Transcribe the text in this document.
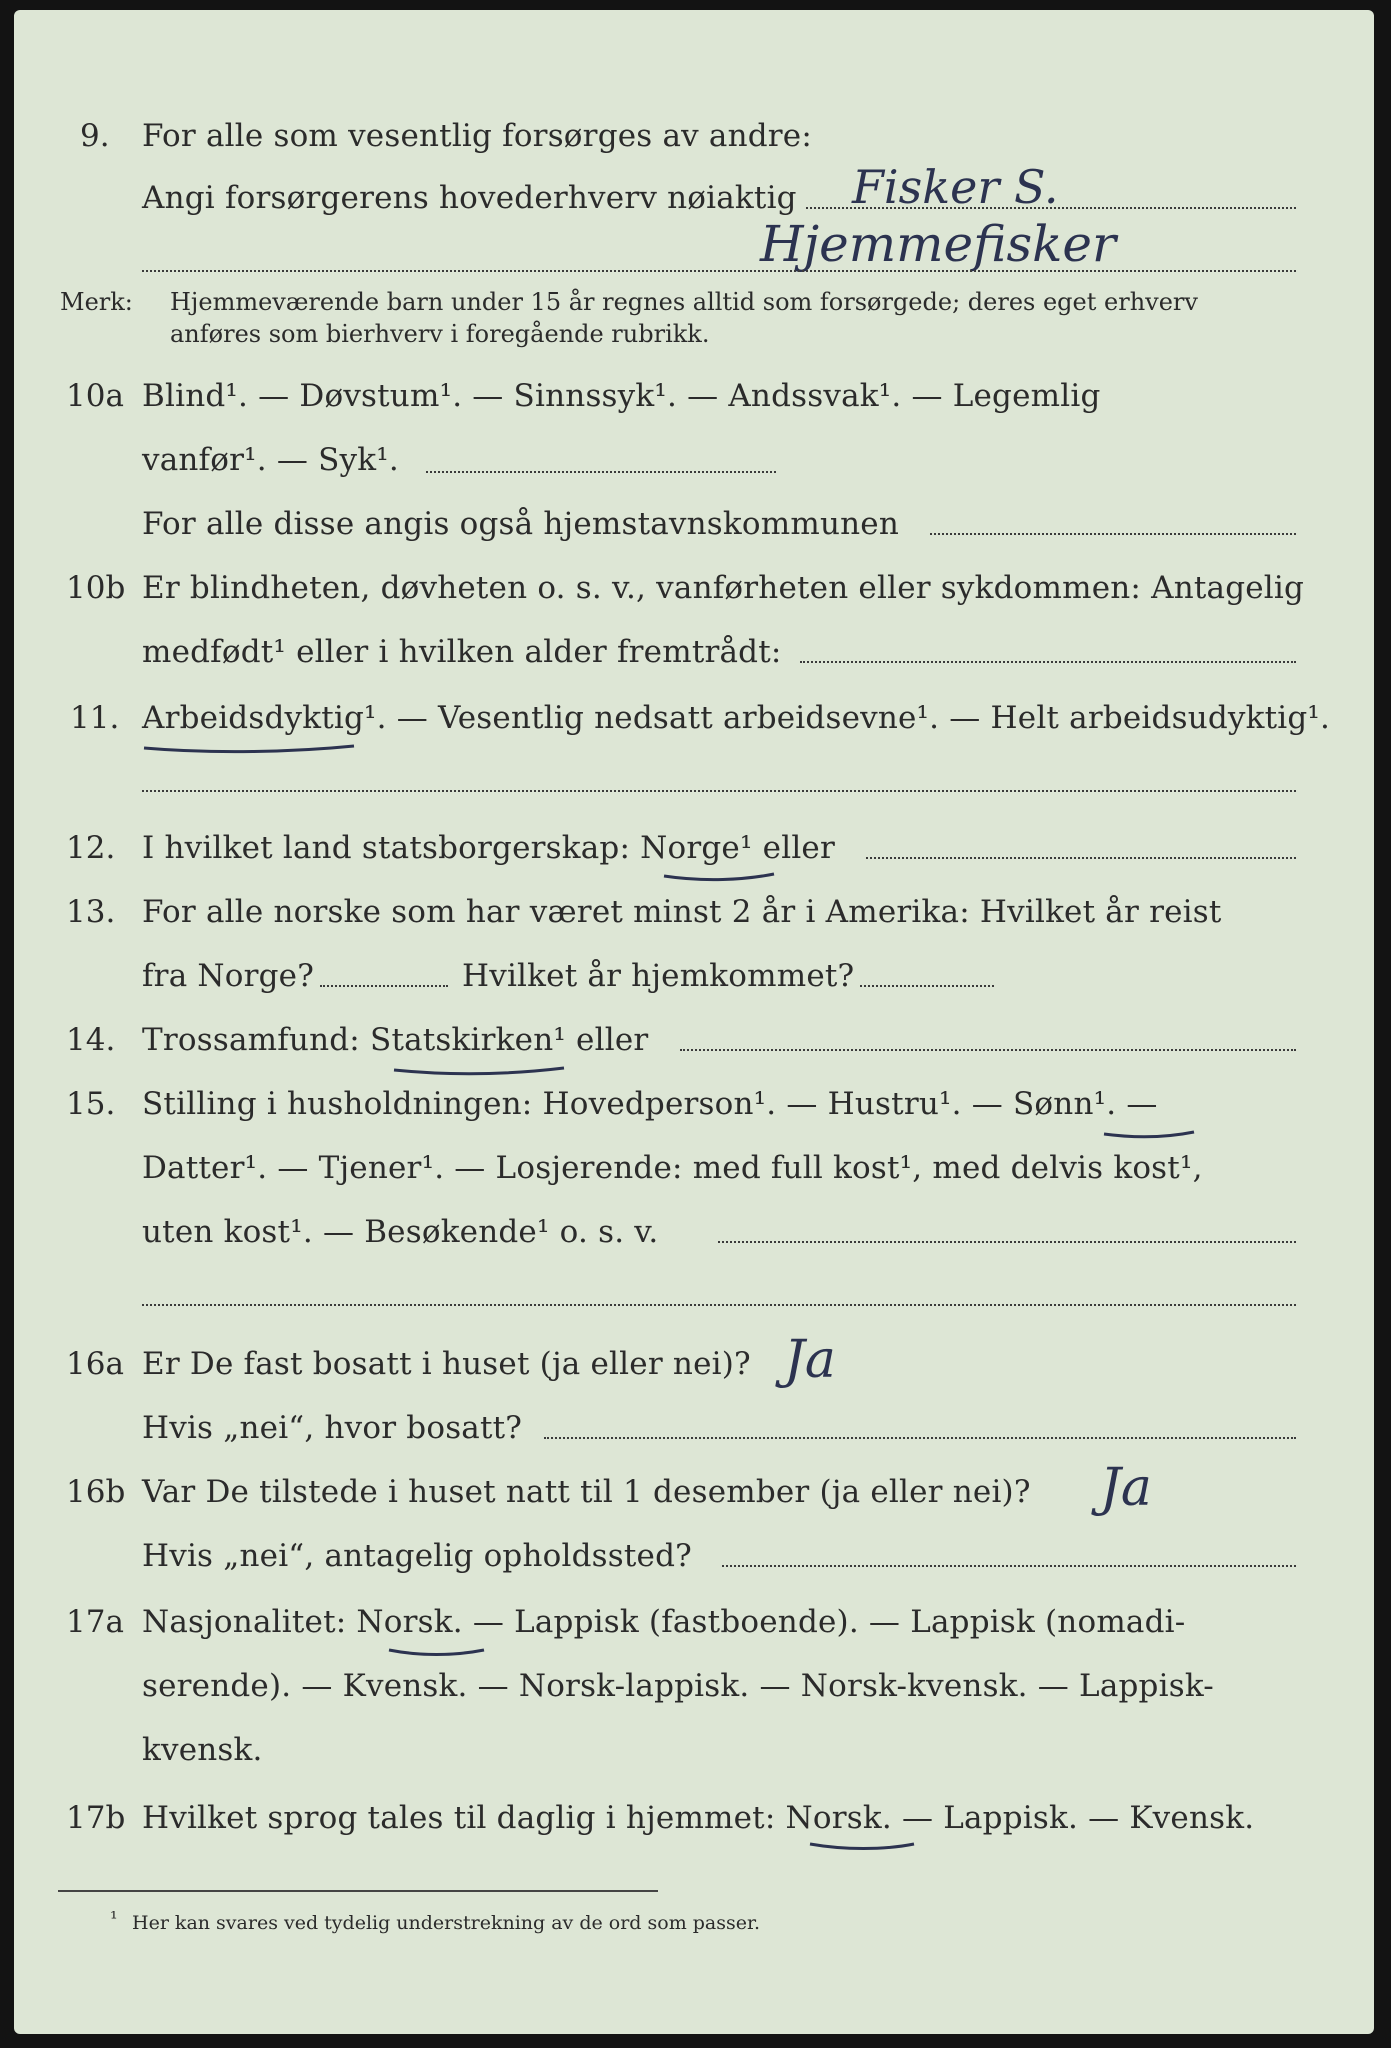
9. For alle som vesentlig forsørges av andre:
Angi forsørgerens hovederhverv nøiaktig Fisker S.
Hjemmefisker
Merk: Hjemmeværende barn under 15 år regnes alltid som forsørgede; deres eget erhverv
anføres som bierhverv i foregående rubrikk.
10a Blind¹. — Døvstum¹. — Sinnssyk¹. — Andssvak¹. — Legemlig
vanfør¹. — Syk¹.
For alle disse angis også hjemstavnskommunen
10b Er blindheten, døvheten o. s. v., vanførheten eller sykdommen: Antagelig
medfødt¹ eller i hvilken alder fremtrådt:
11. Arbeidsdyktig¹. — Vesentlig nedsatt arbeidsevne¹. — Helt arbeidsudyktig¹.
12. I hvilket land statsborgerskap: Norge¹ eller
13. For alle norske som har været minst 2 år i Amerika: Hvilket år reist
fra Norge?	Hvilket år hjemkommet?
14. Trossamfund: Statskirken¹ eller
15. Stilling i husholdningen: Hovedperson¹. — Hustru¹. — Sønn¹. —
Datter¹. — Tjener¹. — Losjerende: med full kost¹, med delvis kost¹,
uten kost¹. — Besøkende¹ o. s. v.
16a Er De fast bosatt i huset (ja eller nei)? Ja
Hvis „nei“, hvor bosatt?
16b Var De tilstede i huset natt til 1 desember (ja eller nei)? Ja
Hvis „nei“, antagelig opholdssted?
17a Nasjonalitet: Norsk. — Lappisk (fastboende). — Lappisk (nomadi-
serende). — Kvensk. — Norsk-lappisk. — Norsk-kvensk. — Lappisk-
kvensk.
17b Hvilket sprog tales til daglig i hjemmet: Norsk. — Lappisk. — Kvensk.
¹ Her kan svares ved tydelig understrekning av de ord som passer.
